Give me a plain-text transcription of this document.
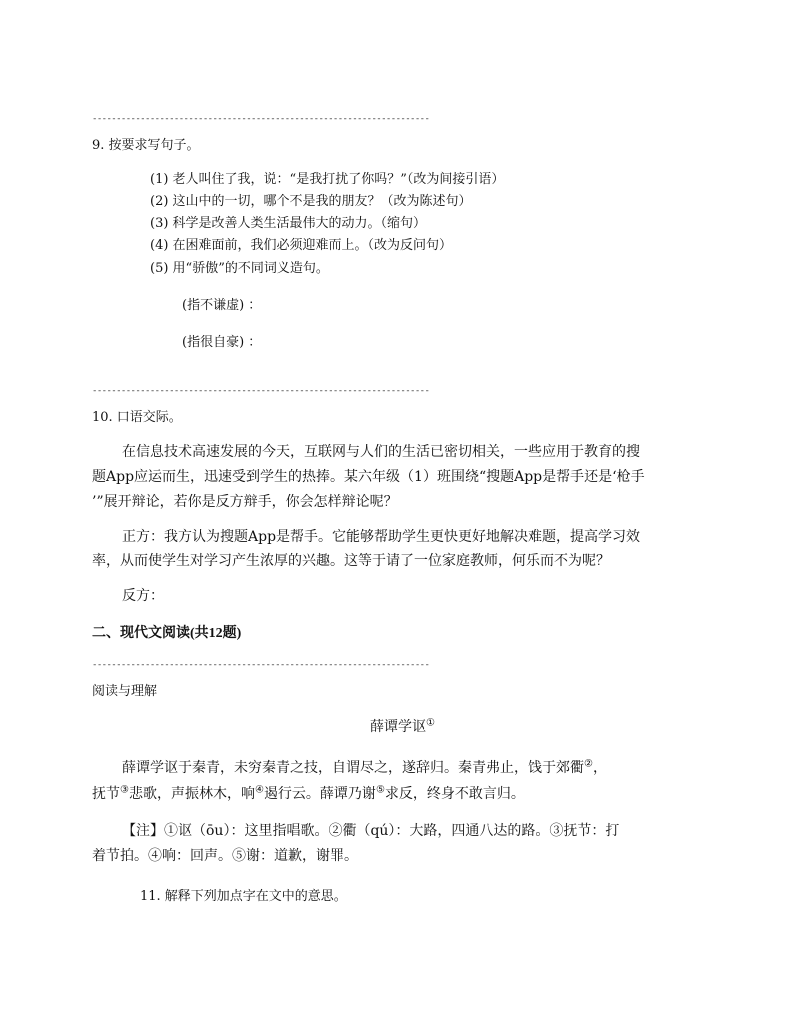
----------------------------------------------------------------------
9. 按要求写句子。
(1) 老人叫住了我，说：“是我打扰了你吗？”（改为间接引语）
(2) 这山中的一切，哪个不是我的朋友？（改为陈述句）
(3) 科学是改善人类生活最伟大的动力。（缩句）
(4) 在困难面前，我们必须迎难而上。（改为反问句）
(5) 用“骄傲”的不同词义造句。
(指不谦虚) ：
(指很自豪) ：
----------------------------------------------------------------------
10. 口语交际。
在信息技术高速发展的今天，互联网与人们的生活已密切相关，一些应用于教育的搜
题App应运而生，迅速受到学生的热捧。某六年级（1）班围绕“搜题App是帮手还是‘枪手
’”展开辩论，若你是反方辩手，你会怎样辩论呢？
正方：我方认为搜题App是帮手。它能够帮助学生更快更好地解决难题，提高学习效
率，从而使学生对学习产生浓厚的兴趣。这等于请了一位家庭教师，何乐而不为呢？
反方：
二、现代文阅读(共12题)
----------------------------------------------------------------------
阅读与理解
薛谭学讴①
薛谭学讴于秦青，未穷秦青之技，自谓尽之，遂辞归。秦青弗止，饯于郊衢②，
抚节③悲歌，声振林木，响④遏行云。薛谭乃谢⑤求反，终身不敢言归。
【注】①讴（ōu）：这里指唱歌。②衢（qú）：大路，四通八达的路。③抚节：打
着节拍。④响：回声。⑤谢：道歉，谢罪。
11. 解释下列加点字在文中的意思。
